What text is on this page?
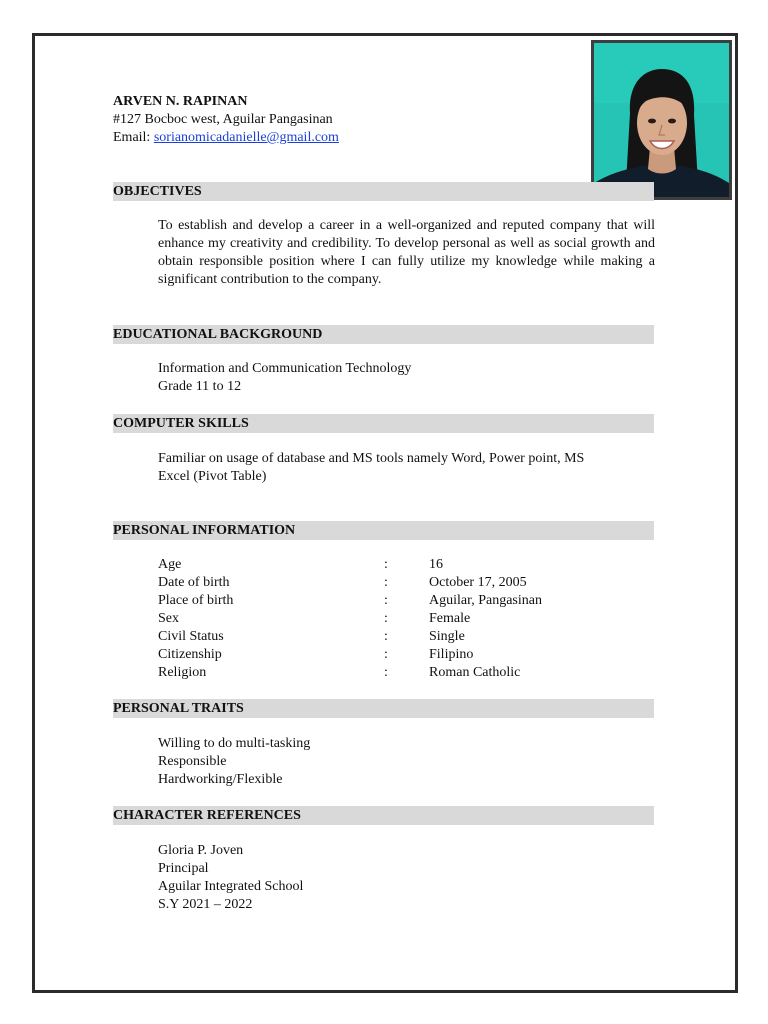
ARVEN N. RAPINAN
#127 Bocboc west, Aguilar Pangasinan
Email: sorianomicadanielle@gmail.com
OBJECTIVES
To establish and develop a career in a well-organized and reputed company that will enhance my creativity and credibility. To develop personal as well as social growth and obtain responsible position where I can fully utilize my knowledge while making a significant contribution to the company.
EDUCATIONAL BACKGROUND
Information and Communication Technology
Grade 11 to 12
COMPUTER SKILLS
Familiar on usage of database and MS tools namely Word, Power point, MS
Excel (Pivot Table)
PERSONAL INFORMATION
Age	:	16
Date of birth	:	October 17, 2005
Place of birth	:	Aguilar, Pangasinan
Sex	:	Female
Civil Status	:	Single
Citizenship	:	Filipino
Religion	:	Roman Catholic
PERSONAL TRAITS
Willing to do multi-tasking
Responsible
Hardworking/Flexible
CHARACTER REFERENCES
Gloria P. Joven
Principal
Aguilar Integrated School
S.Y 2021 – 2022
